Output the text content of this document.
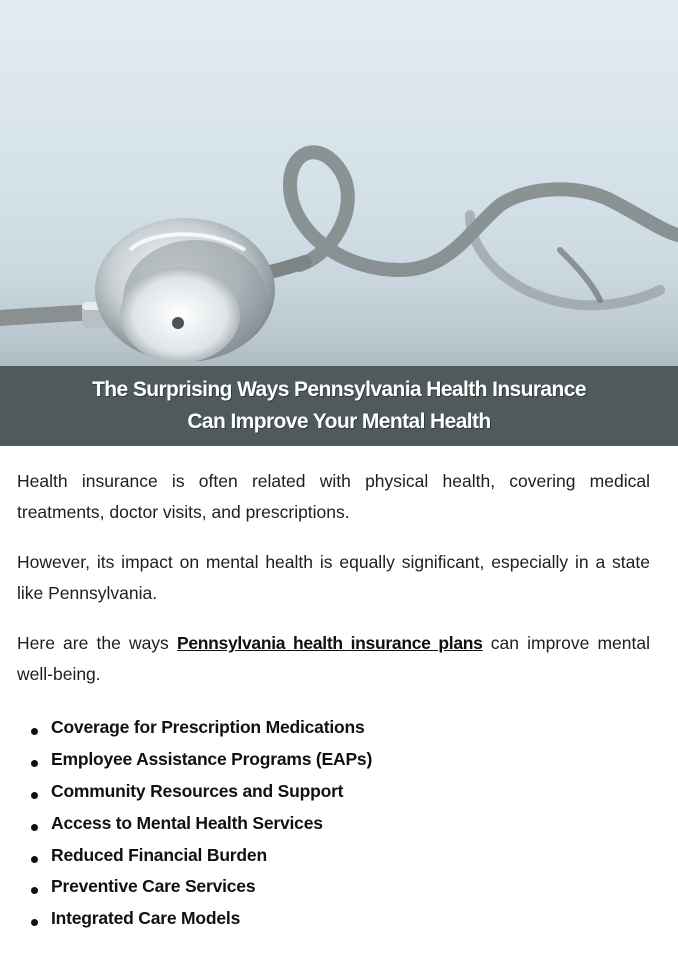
The Surprising Ways Pennsylvania Health Insurance
Can Improve Your Mental Health

Health insurance is often related with physical health, covering medical treatments, doctor visits, and prescriptions.

However, its impact on mental health is equally significant, especially in a state like Pennsylvania.

Here are the ways Pennsylvania health insurance plans can improve mental well-being.

Coverage for Prescription Medications
Employee Assistance Programs (EAPs)
Community Resources and Support
Access to Mental Health Services
Reduced Financial Burden
Preventive Care Services
Integrated Care Models
